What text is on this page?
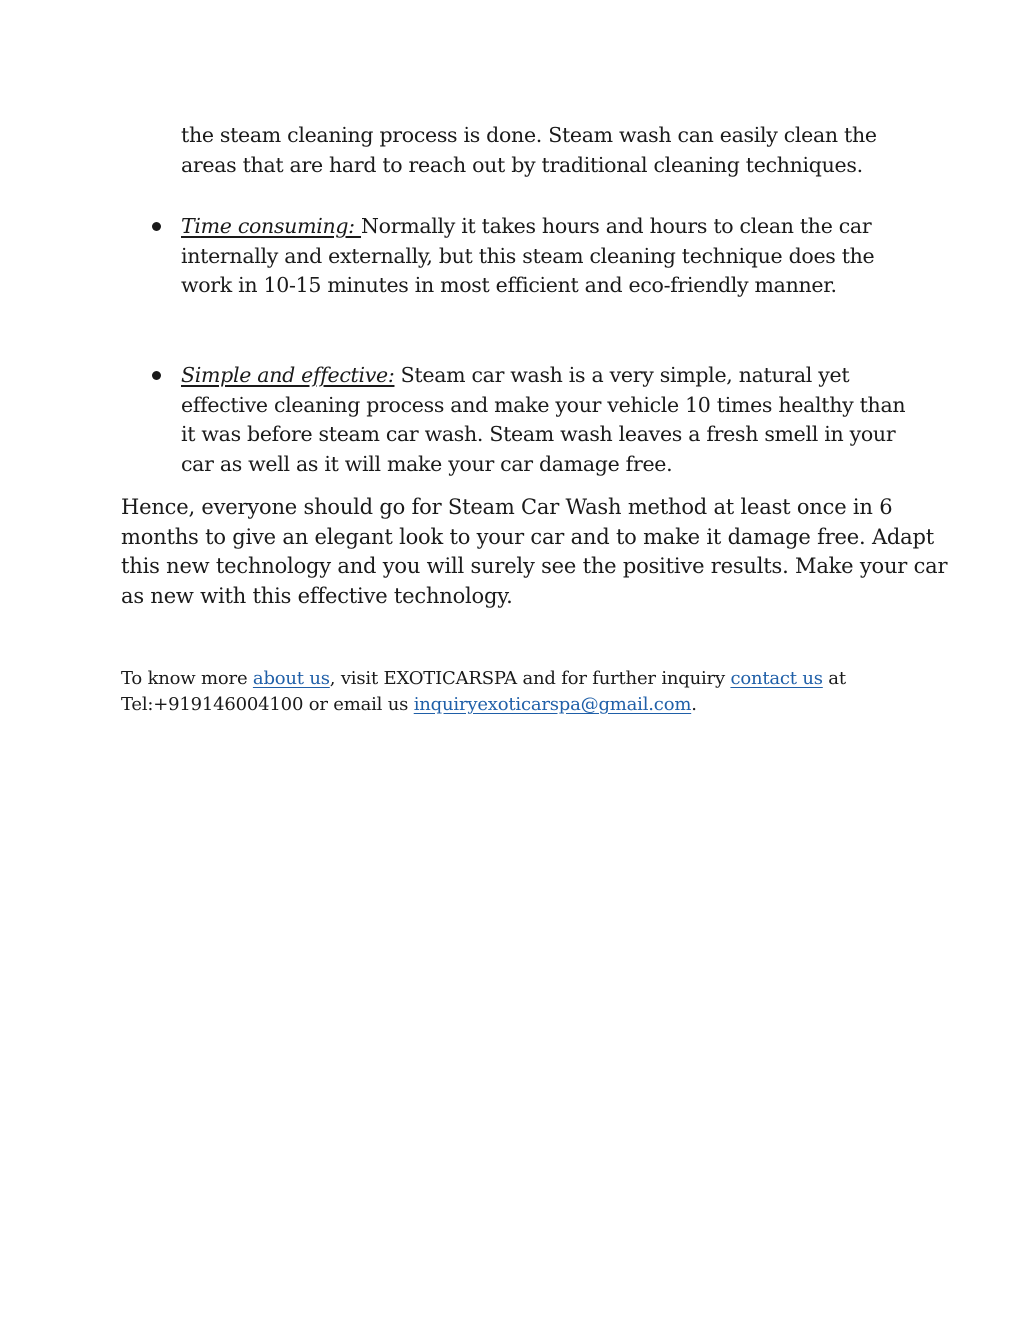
the steam cleaning process is done. Steam wash can easily clean the
areas that are hard to reach out by traditional cleaning techniques.
Time consuming: Normally it takes hours and hours to clean the car
internally and externally, but this steam cleaning technique does the
work in 10-15 minutes in most efficient and eco-friendly manner.
Simple and effective: Steam car wash is a very simple, natural yet
effective cleaning process and make your vehicle 10 times healthy than
it was before steam car wash. Steam wash leaves a fresh smell in your
car as well as it will make your car damage free.
Hence, everyone should go for Steam Car Wash method at least once in 6
months to give an elegant look to your car and to make it damage free. Adapt
this new technology and you will surely see the positive results. Make your car
as new with this effective technology.
To know more about us, visit EXOTICARSPA and for further inquiry contact us at
Tel:+919146004100 or email us inquiryexoticarspa@gmail.com.
